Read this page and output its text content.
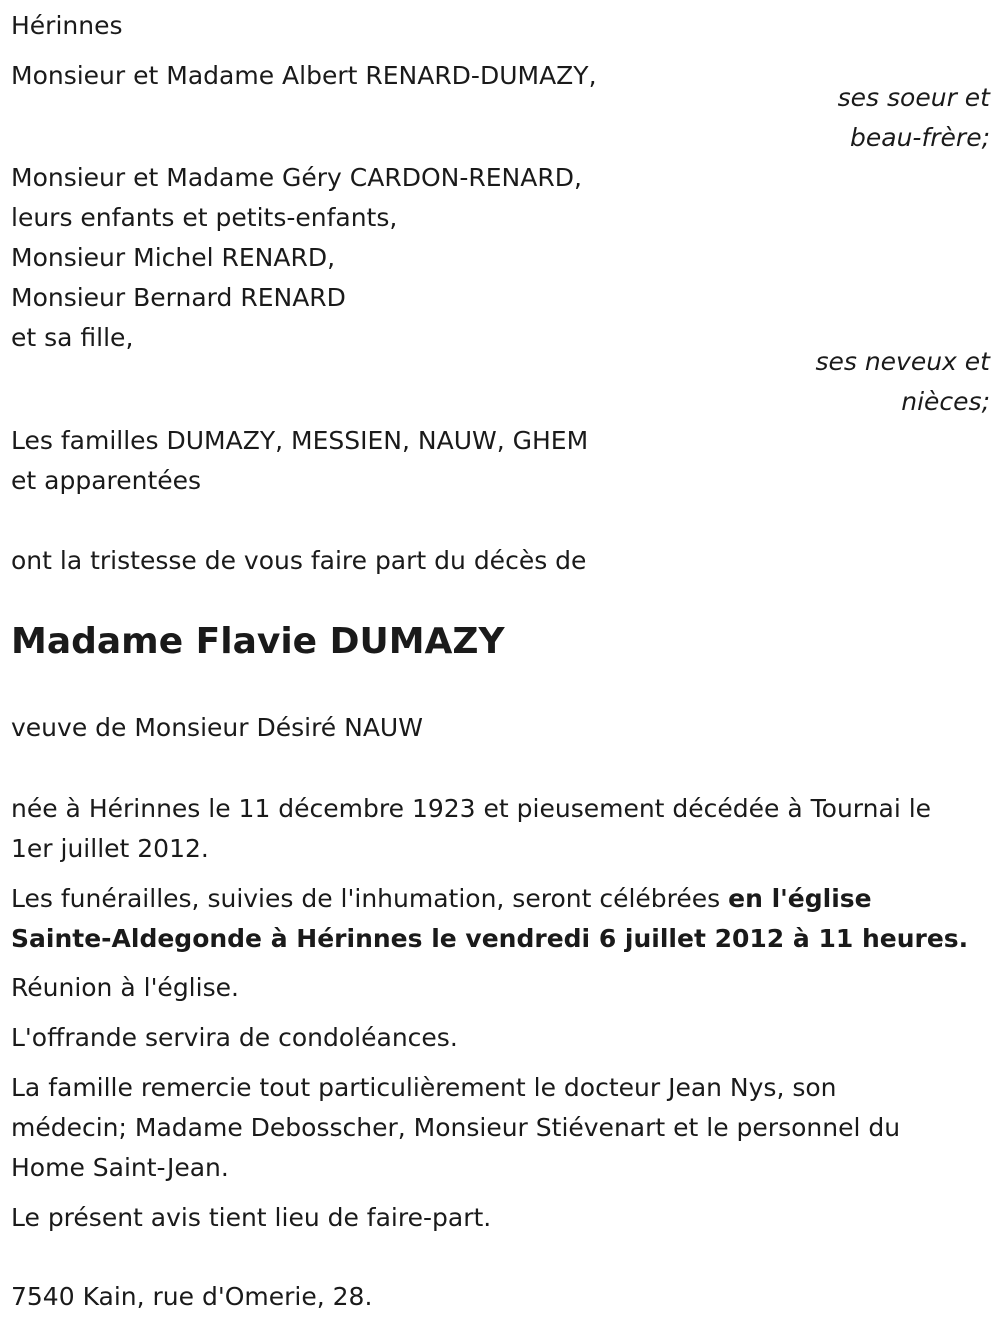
Hérinnes
Monsieur et Madame Albert RENARD-DUMAZY,
ses soeur et
beau-frère;
Monsieur et Madame Géry CARDON-RENARD,
leurs enfants et petits-enfants,
Monsieur Michel RENARD,
Monsieur Bernard RENARD
et sa fille,
ses neveux et
nièces;
Les familles DUMAZY, MESSIEN, NAUW, GHEM
et apparentées
ont la tristesse de vous faire part du décès de
Madame Flavie DUMAZY
veuve de Monsieur Désiré NAUW
née à Hérinnes le 11 décembre 1923 et pieusement décédée à Tournai le
1er juillet 2012.
Les funérailles, suivies de l'inhumation, seront célébrées en l'église
Sainte-Aldegonde à Hérinnes le vendredi 6 juillet 2012 à 11 heures.
Réunion à l'église.
L'offrande servira de condoléances.
La famille remercie tout particulièrement le docteur Jean Nys, son
médecin; Madame Debosscher, Monsieur Stiévenart et le personnel du
Home Saint-Jean.
Le présent avis tient lieu de faire-part.
7540 Kain, rue d'Omerie, 28.
